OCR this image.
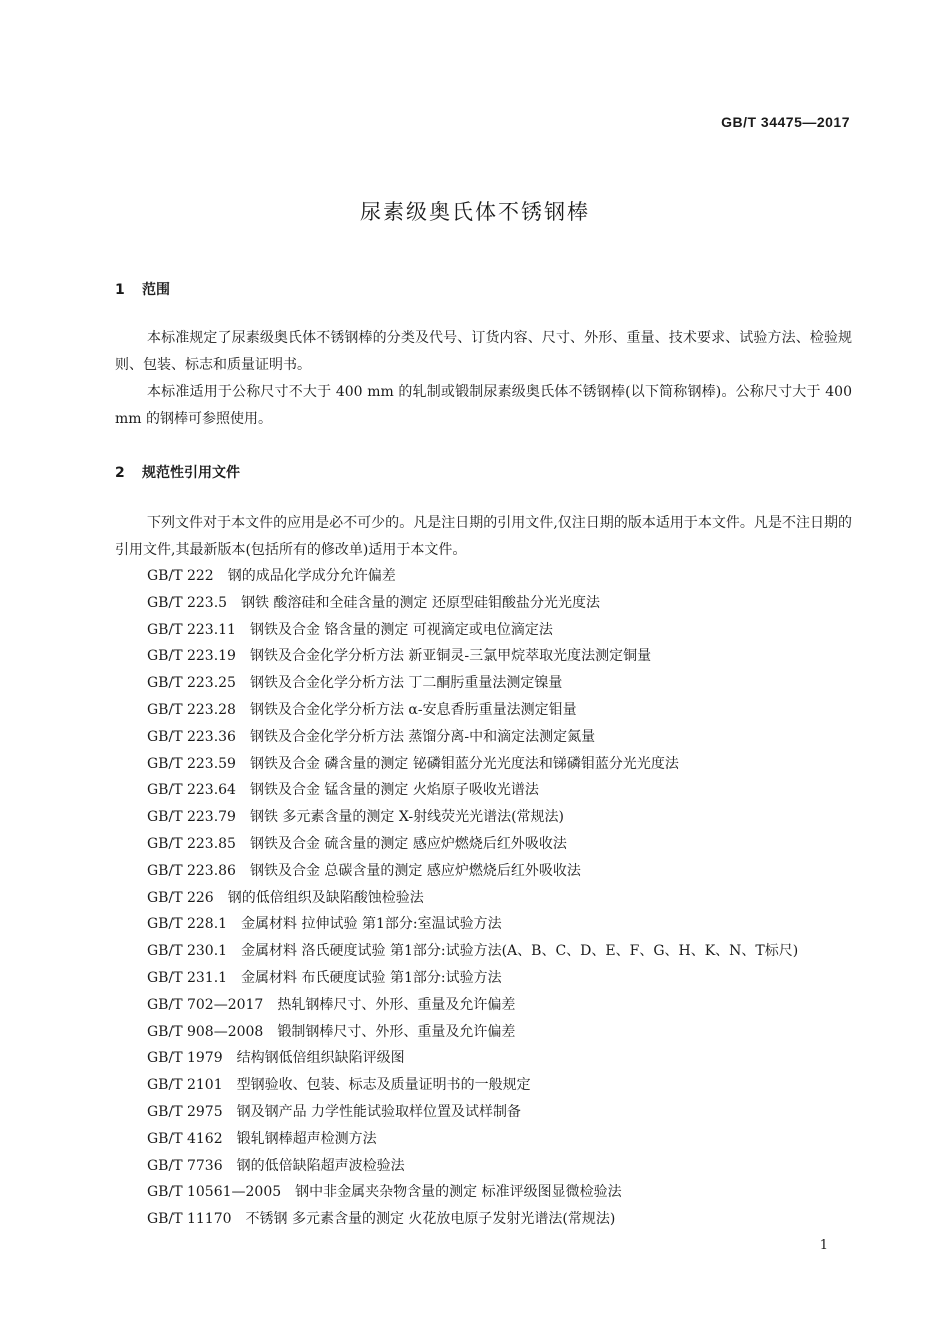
GB/T 34475—2017
尿素级奥氏体不锈钢棒
1 范围

本标准规定了尿素级奥氏体不锈钢棒的分类及代号、订货内容、尺寸、外形、重量、技术要求、试验方法、检验规则、包装、标志和质量证明书。

本标准适用于公称尺寸不大于 400 mm 的轧制或锻制尿素级奥氏体不锈钢棒(以下简称钢棒)。公称尺寸大于 400 mm 的钢棒可参照使用。

2 规范性引用文件

下列文件对于本文件的应用是必不可少的。凡是注日期的引用文件,仅注日期的版本适用于本文件。凡是不注日期的引用文件,其最新版本(包括所有的修改单)适用于本文件。

GB/T 222 钢的成品化学成分允许偏差
GB/T 223.5 钢铁 酸溶硅和全硅含量的测定 还原型硅钼酸盐分光光度法
GB/T 223.11 钢铁及合金 铬含量的测定 可视滴定或电位滴定法
GB/T 223.19 钢铁及合金化学分析方法 新亚铜灵-三氯甲烷萃取光度法测定铜量
GB/T 223.25 钢铁及合金化学分析方法 丁二酮肟重量法测定镍量
GB/T 223.28 钢铁及合金化学分析方法 α-安息香肟重量法测定钼量
GB/T 223.36 钢铁及合金化学分析方法 蒸馏分离-中和滴定法测定氮量
GB/T 223.59 钢铁及合金 磷含量的测定 铋磷钼蓝分光光度法和锑磷钼蓝分光光度法
GB/T 223.64 钢铁及合金 锰含量的测定 火焰原子吸收光谱法
GB/T 223.79 钢铁 多元素含量的测定 X-射线荧光光谱法(常规法)
GB/T 223.85 钢铁及合金 硫含量的测定 感应炉燃烧后红外吸收法
GB/T 223.86 钢铁及合金 总碳含量的测定 感应炉燃烧后红外吸收法
GB/T 226 钢的低倍组织及缺陷酸蚀检验法
GB/T 228.1 金属材料 拉伸试验 第1部分:室温试验方法
GB/T 230.1 金属材料 洛氏硬度试验 第1部分:试验方法(A、B、C、D、E、F、G、H、K、N、T标尺)
GB/T 231.1 金属材料 布氏硬度试验 第1部分:试验方法
GB/T 702—2017 热轧钢棒尺寸、外形、重量及允许偏差
GB/T 908—2008 锻制钢棒尺寸、外形、重量及允许偏差
GB/T 1979 结构钢低倍组织缺陷评级图
GB/T 2101 型钢验收、包装、标志及质量证明书的一般规定
GB/T 2975 钢及钢产品 力学性能试验取样位置及试样制备
GB/T 4162 锻轧钢棒超声检测方法
GB/T 7736 钢的低倍缺陷超声波检验法
GB/T 10561—2005 钢中非金属夹杂物含量的测定 标准评级图显微检验法
GB/T 11170 不锈钢 多元素含量的测定 火花放电原子发射光谱法(常规法)
1
